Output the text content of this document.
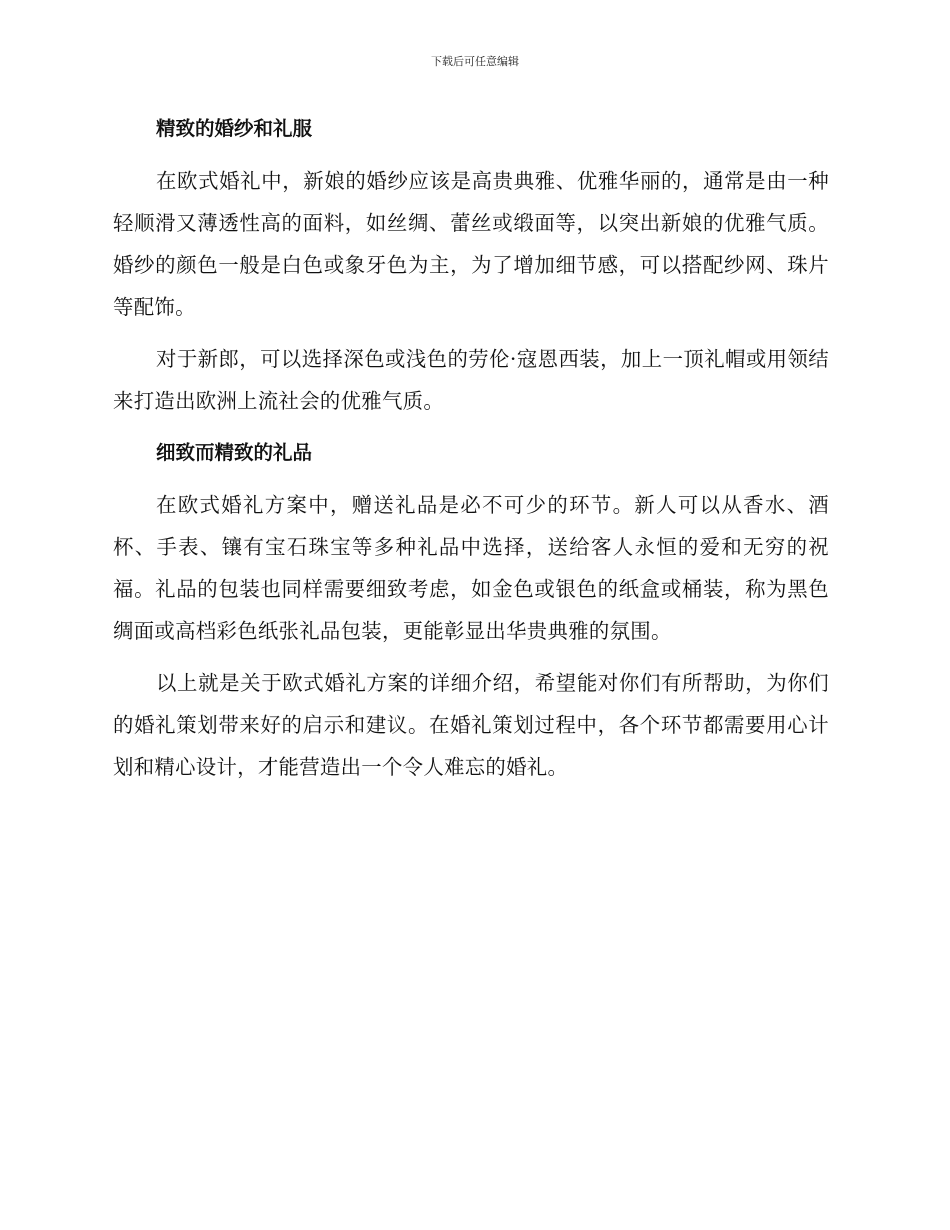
下载后可任意编辑
精致的婚纱和礼服

在欧式婚礼中，新娘的婚纱应该是高贵典雅、优雅华丽的，通常是由一种轻顺滑又薄透性高的面料，如丝绸、蕾丝或缎面等，以突出新娘的优雅气质。婚纱的颜色一般是白色或象牙色为主，为了增加细节感，可以搭配纱网、珠片等配饰。

对于新郎，可以选择深色或浅色的劳伦·寇恩西装，加上一顶礼帽或用领结来打造出欧洲上流社会的优雅气质。

细致而精致的礼品

在欧式婚礼方案中，赠送礼品是必不可少的环节。新人可以从香水、酒杯、手表、镶有宝石珠宝等多种礼品中选择，送给客人永恒的爱和无穷的祝福。礼品的包装也同样需要细致考虑，如金色或银色的纸盒或桶装，称为黑色绸面或高档彩色纸张礼品包装，更能彰显出华贵典雅的氛围。

以上就是关于欧式婚礼方案的详细介绍，希望能对你们有所帮助，为你们的婚礼策划带来好的启示和建议。在婚礼策划过程中，各个环节都需要用心计划和精心设计，才能营造出一个令人难忘的婚礼。
